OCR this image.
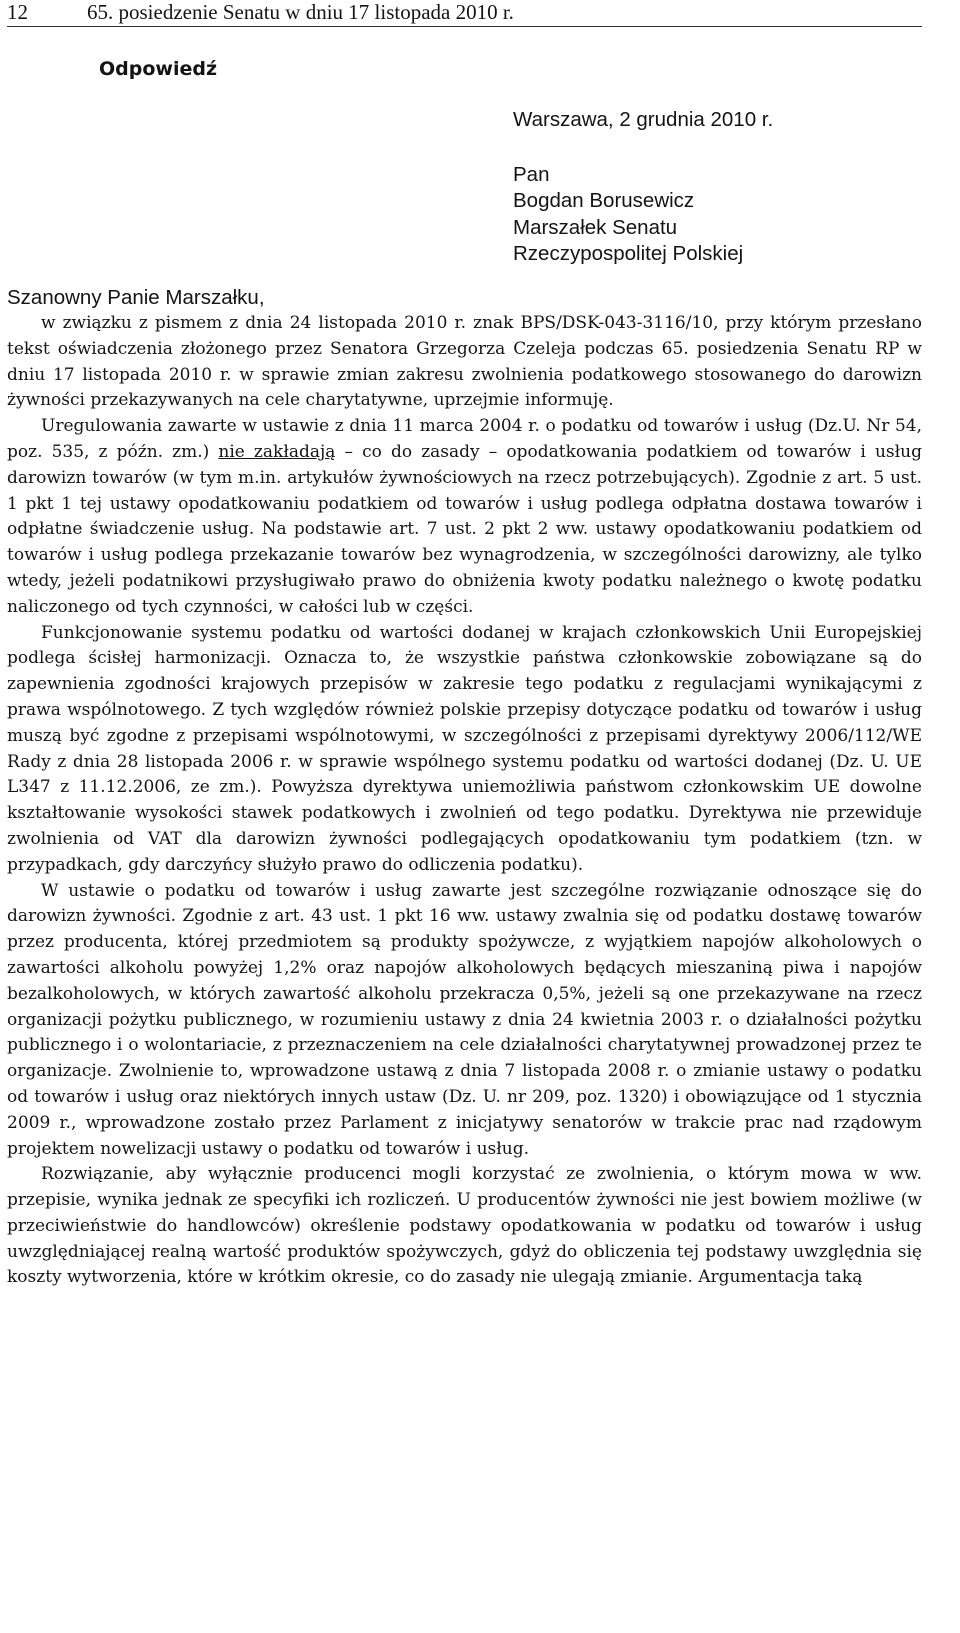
12	65. posiedzenie Senatu w dniu 17 listopada 2010 r.
Odpowiedź
Warszawa, 2 grudnia 2010 r.
Pan
Bogdan Borusewicz
Marszałek Senatu
Rzeczypospolitej Polskiej
Szanowny Panie Marszałku,

w związku z pismem z dnia 24 listopada 2010 r. znak BPS/DSK-043-3116/10, przy którym przesłano tekst oświadczenia złożonego przez Senatora Grzegorza Czeleja podczas 65. posiedzenia Senatu RP w dniu 17 listopada 2010 r. w sprawie zmian zakresu zwolnienia podatkowego stosowanego do darowizn żywności przekazywanych na cele charytatywne, uprzejmie informuję.

Uregulowania zawarte w ustawie z dnia 11 marca 2004 r. o podatku od towarów i usług (Dz.U. Nr 54, poz. 535, z późn. zm.) nie zakładają – co do zasady – opodatkowania podatkiem od towarów i usług darowizn towarów (w tym m.in. artykułów żywnościowych na rzecz potrzebujących). Zgodnie z art. 5 ust. 1 pkt 1 tej ustawy opodatkowaniu podatkiem od towarów i usług podlega odpłatna dostawa towarów i odpłatne świadczenie usług. Na podstawie art. 7 ust. 2 pkt 2 ww. ustawy opodatkowaniu podatkiem od towarów i usług podlega przekazanie towarów bez wynagrodzenia, w szczególności darowizny, ale tylko wtedy, jeżeli podatnikowi przysługiwało prawo do obniżenia kwoty podatku należnego o kwotę podatku naliczonego od tych czynności, w całości lub w części.

Funkcjonowanie systemu podatku od wartości dodanej w krajach członkowskich Unii Europejskiej podlega ścisłej harmonizacji. Oznacza to, że wszystkie państwa członkowskie zobowiązane są do zapewnienia zgodności krajowych przepisów w zakresie tego podatku z regulacjami wynikającymi z prawa wspólnotowego. Z tych względów również polskie przepisy dotyczące podatku od towarów i usług muszą być zgodne z przepisami wspólnotowymi, w szczególności z przepisami dyrektywy 2006/112/WE Rady z dnia 28 listopada 2006 r. w sprawie wspólnego systemu podatku od wartości dodanej (Dz. U. UE L347 z 11.12.2006, ze zm.). Powyższa dyrektywa uniemożliwia państwom członkowskim UE dowolne kształtowanie wysokości stawek podatkowych i zwolnień od tego podatku. Dyrektywa nie przewiduje zwolnienia od VAT dla darowizn żywności podlegających opodatkowaniu tym podatkiem (tzn. w przypadkach, gdy darczyńcy służyło prawo do odliczenia podatku).

W ustawie o podatku od towarów i usług zawarte jest szczególne rozwiązanie odnoszące się do darowizn żywności. Zgodnie z art. 43 ust. 1 pkt 16 ww. ustawy zwalnia się od podatku dostawę towarów przez producenta, której przedmiotem są produkty spożywcze, z wyjątkiem napojów alkoholowych o zawartości alkoholu powyżej 1,2% oraz napojów alkoholowych będących mieszaniną piwa i napojów bezalkoholowych, w których zawartość alkoholu przekracza 0,5%, jeżeli są one przekazywane na rzecz organizacji pożytku publicznego, w rozumieniu ustawy z dnia 24 kwietnia 2003 r. o działalności pożytku publicznego i o wolontariacie, z przeznaczeniem na cele działalności charytatywnej prowadzonej przez te organizacje. Zwolnienie to, wprowadzone ustawą z dnia 7 listopada 2008 r. o zmianie ustawy o podatku od towarów i usług oraz niektórych innych ustaw (Dz. U. nr 209, poz. 1320) i obowiązujące od 1 stycznia 2009 r., wprowadzone zostało przez Parlament z inicjatywy senatorów w trakcie prac nad rządowym projektem nowelizacji ustawy o podatku od towarów i usług.

Rozwiązanie, aby wyłącznie producenci mogli korzystać ze zwolnienia, o którym mowa w ww. przepisie, wynika jednak ze specyfiki ich rozliczeń. U producentów żywności nie jest bowiem możliwe (w przeciwieństwie do handlowców) określenie podstawy opodatkowania w podatku od towarów i usług uwzględniającej realną wartość produktów spożywczych, gdyż do obliczenia tej podstawy uwzględnia się koszty wytworzenia, które w krótkim okresie, co do zasady nie ulegają zmianie. Argumentacja taką
